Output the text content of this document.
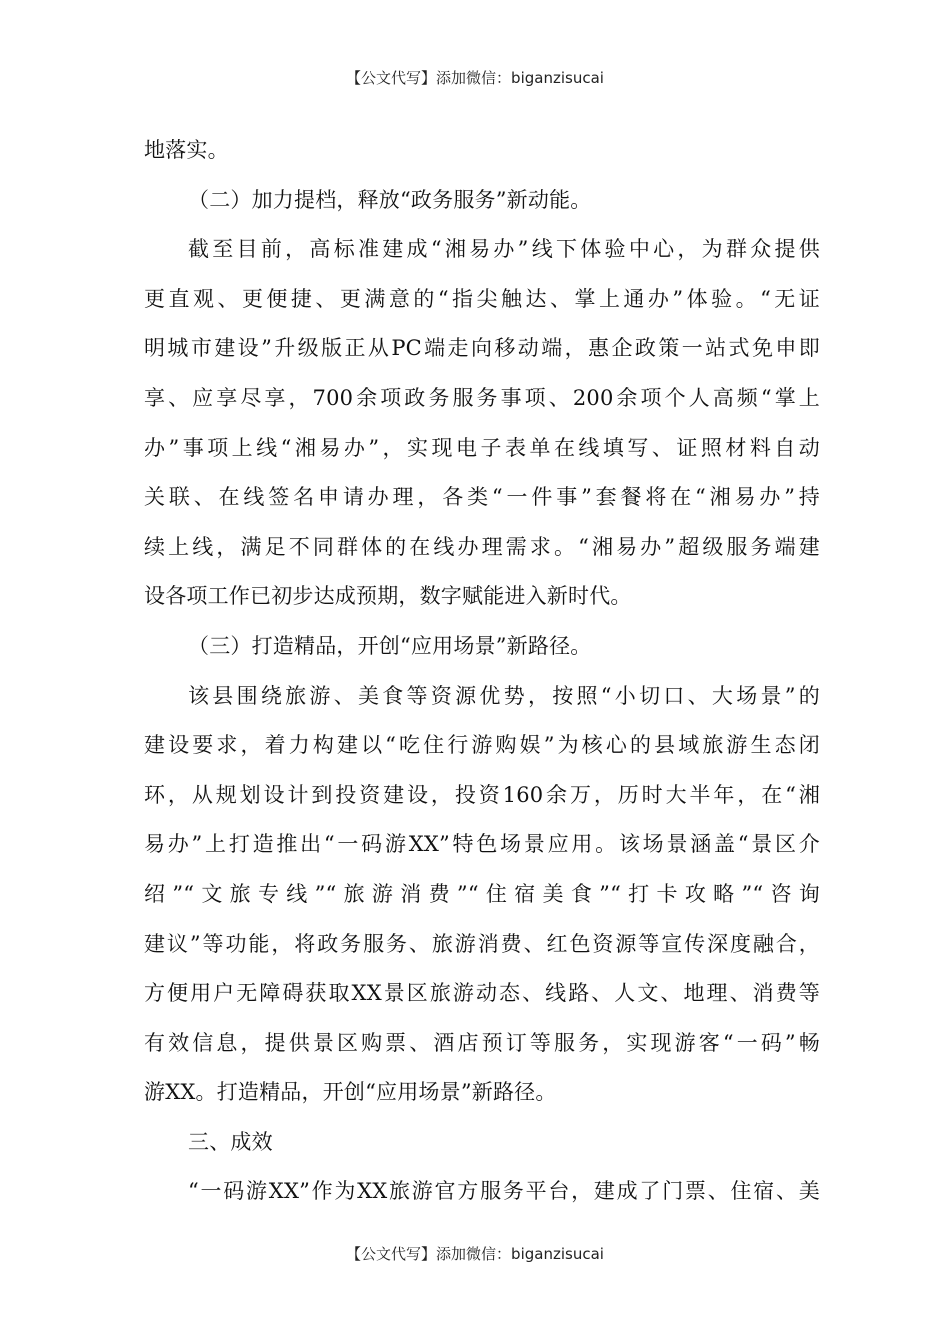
【公文代写】添加微信：biganzisucai
地落实。
（二）加力提档，释放“政务服务”新动能。
截至目前，高标准建成“湘易办”线下体验中心，为群众提供
更直观、更便捷、更满意的“指尖触达、掌上通办”体验。“无证
明城市建设”升级版正从PC端走向移动端，惠企政策一站式免申即
享、应享尽享，700余项政务服务事项、200余项个人高频“掌上
办”事项上线“湘易办”，实现电子表单在线填写、证照材料自动
关联、在线签名申请办理，各类“一件事”套餐将在“湘易办”持
续上线，满足不同群体的在线办理需求。“湘易办”超级服务端建
设各项工作已初步达成预期，数字赋能进入新时代。
（三）打造精品，开创“应用场景”新路径。
该县围绕旅游、美食等资源优势，按照“小切口、大场景”的
建设要求，着力构建以“吃住行游购娱”为核心的县域旅游生态闭
环，从规划设计到投资建设，投资160余万，历时大半年，在“湘
易办”上打造推出“一码游XX”特色场景应用。该场景涵盖“景区介
绍”“文旅专线”“旅游消费”“住宿美食”“打卡攻略”“咨询
建议”等功能，将政务服务、旅游消费、红色资源等宣传深度融合，
方便用户无障碍获取XX景区旅游动态、线路、人文、地理、消费等
有效信息，提供景区购票、酒店预订等服务，实现游客“一码”畅
游XX。打造精品，开创“应用场景”新路径。
三、成效
“一码游XX”作为XX旅游官方服务平台，建成了门票、住宿、美
【公文代写】添加微信：biganzisucai
